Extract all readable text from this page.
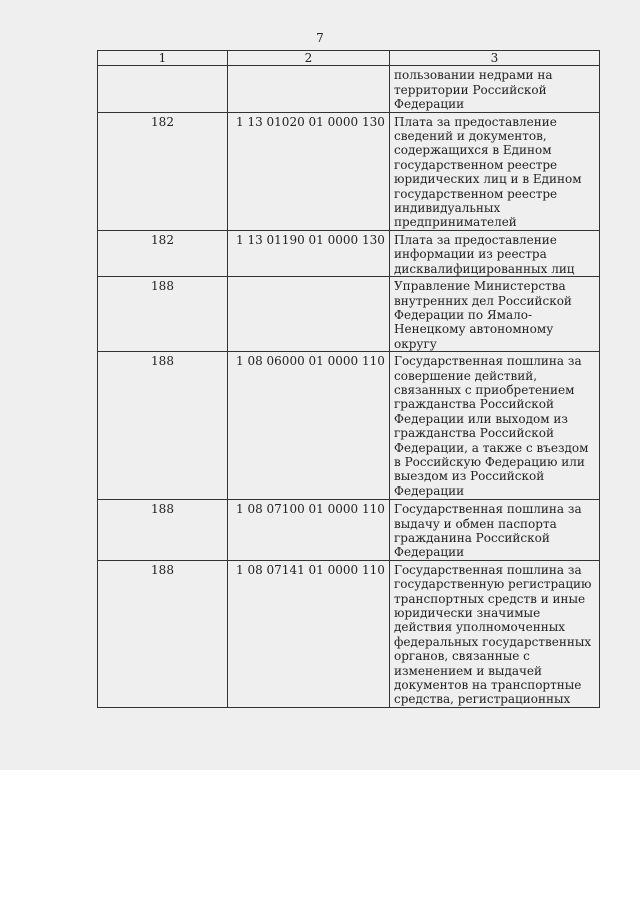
7
1	2	3
		пользовании недрами на территории Российской Федерации
182	1 13 01020 01 0000 130	Плата за предоставление сведений и документов, содержащихся в Едином государственном реестре юридических лиц и в Едином государственном реестре индивидуальных предпринимателей
182	1 13 01190 01 0000 130	Плата за предоставление информации из реестра дисквалифицированных лиц
188		Управление Министерства внутренних дел Российской Федерации по Ямало-Ненецкому автономному округу
188	1 08 06000 01 0000 110	Государственная пошлина за совершение действий, связанных с приобретением гражданства Российской Федерации или выходом из гражданства Российской Федерации, а также с въездом в Российскую Федерацию или выездом из Российской Федерации
188	1 08 07100 01 0000 110	Государственная пошлина за выдачу и обмен паспорта гражданина Российской Федерации
188	1 08 07141 01 0000 110	Государственная пошлина за государственную регистрацию транспортных средств и иные юридически значимые действия уполномоченных федеральных государственных органов, связанные с изменением и выдачей документов на транспортные средства, регистрационных
